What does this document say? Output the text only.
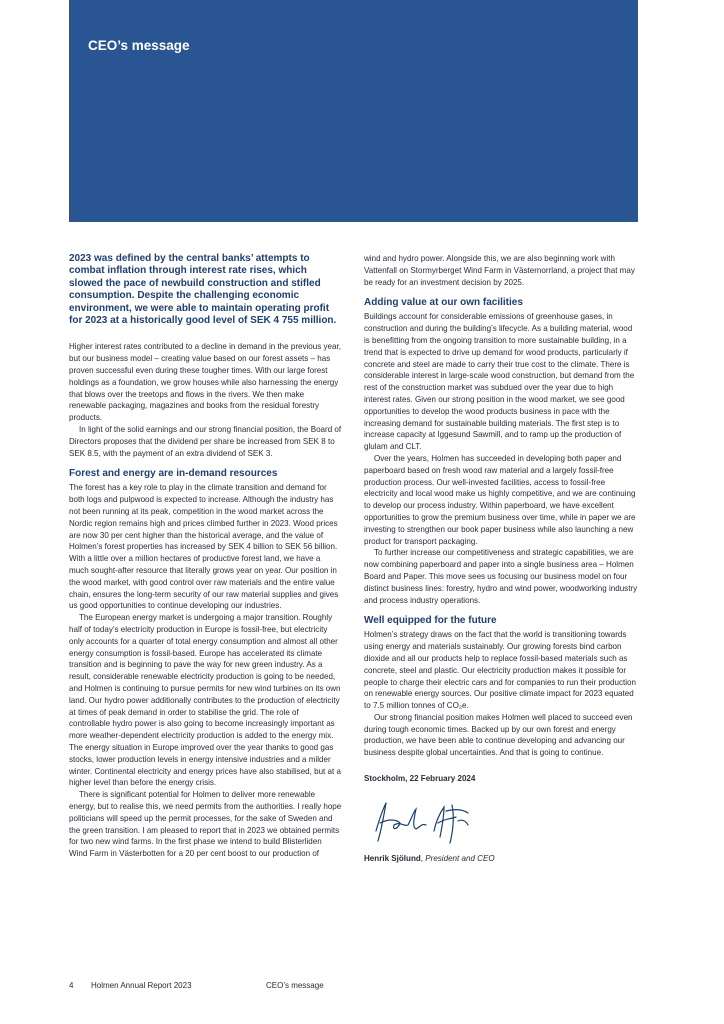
CEO’s message

2023 was defined by the central banks’ attempts to combat inflation through interest rate rises, which slowed the pace of newbuild construction and stifled consumption. Despite the challenging economic environment, we were able to maintain operating profit for 2023 at a historically good level of SEK 4 755 million.

Higher interest rates contributed to a decline in demand in the previous year, but our business model – creating value based on our forest assets – has proven successful even during these tougher times. With our large forest holdings as a foundation, we grow houses while also harnessing the energy that blows over the treetops and flows in the rivers. We then make renewable packaging, magazines and books from the residual forestry products.

In light of the solid earnings and our strong financial position, the Board of Directors proposes that the dividend per share be increased from SEK 8 to SEK 8.5, with the payment of an extra dividend of SEK 3.

Forest and energy are in-demand resources

The forest has a key role to play in the climate transition and demand for both logs and pulpwood is expected to increase. Although the industry has not been running at its peak, competition in the wood market across the Nordic region remains high and prices climbed further in 2023. Wood prices are now 30 per cent higher than the historical average, and the value of Holmen’s forest properties has increased by SEK 4 billion to SEK 56 billion. With a little over a million hectares of productive forest land, we have a much sought-after resource that literally grows year on year. Our position in the wood market, with good control over raw materials and the entire value chain, ensures the long-term security of our raw material supplies and gives us good opportunities to continue developing our industries.

The European energy market is undergoing a major transition. Roughly half of today’s electricity production in Europe is fossil-free, but electricity only accounts for a quarter of total energy consumption and almost all other energy consumption is fossil-based. Europe has accelerated its climate transition and is beginning to pave the way for new green industry. As a result, considerable renewable electricity production is going to be needed, and Holmen is continuing to pursue permits for new wind turbines on its own land. Our hydro power additionally contributes to the production of electricity at times of peak demand in order to stabilise the grid. The role of controllable hydro power is also going to become increasingly important as more weather-dependent electricity production is added to the energy mix. The energy situation in Europe improved over the year thanks to good gas stocks, lower production levels in energy intensive industries and a milder winter. Continental electricity and energy prices have also stabilised, but at a higher level than before the energy crisis.

There is significant potential for Holmen to deliver more renewable energy, but to realise this, we need permits from the authorities. I really hope politicians will speed up the permit processes, for the sake of Sweden and the green transition. I am pleased to report that in 2023 we obtained permits for two new wind farms. In the first phase we intend to build Blisterliden Wind Farm in Västerbotten for a 20 per cent boost to our production of

wind and hydro power. Alongside this, we are also beginning work with Vattenfall on Stormyrberget Wind Farm in Västernorrland, a project that may be ready for an investment decision by 2025.

Adding value at our own facilities

Buildings account for considerable emissions of greenhouse gases, in construction and during the building’s lifecycle. As a building material, wood is benefitting from the ongoing transition to more sustainable building, in a trend that is expected to drive up demand for wood products, particularly if concrete and steel are made to carry their true cost to the climate. There is considerable interest in large-scale wood construction, but demand from the rest of the construction market was subdued over the year due to high interest rates. Given our strong position in the wood market, we see good opportunities to develop the wood products business in pace with the increasing demand for sustainable building materials. The first step is to increase capacity at Iggesund Sawmill, and to ramp up the production of glulam and CLT.

Over the years, Holmen has succeeded in developing both paper and paperboard based on fresh wood raw material and a largely fossil-free production process. Our well-invested facilities, access to fossil-free electricity and local wood make us highly competitive, and we are continuing to develop our process industry. Within paperboard, we have excellent opportunities to grow the premium business over time, while in paper we are investing to strengthen our book paper business while also launching a new product for transport packaging.

To further increase our competitiveness and strategic capabilities, we are now combining paperboard and paper into a single business area – Holmen Board and Paper. This move sees us focusing our business model on four distinct business lines: forestry, hydro and wind power, woodworking industry and process industry operations.

Well equipped for the future

Holmen’s strategy draws on the fact that the world is transitioning towards using energy and materials sustainably. Our growing forests bind carbon dioxide and all our products help to replace fossil-based materials such as concrete, steel and plastic. Our electricity production makes it possible for people to charge their electric cars and for companies to run their production on renewable energy sources. Our positive climate impact for 2023 equated to 7.5 million tonnes of CO₂e.

Our strong financial position makes Holmen well placed to succeed even during tough economic times. Backed up by our own forest and energy production, we have been able to continue developing and advancing our business despite global uncertainties. And that is going to continue.

Stockholm, 22 February 2024

Henrik Sjölund, President and CEO

4 Holmen Annual Report 2023	CEO’s message
